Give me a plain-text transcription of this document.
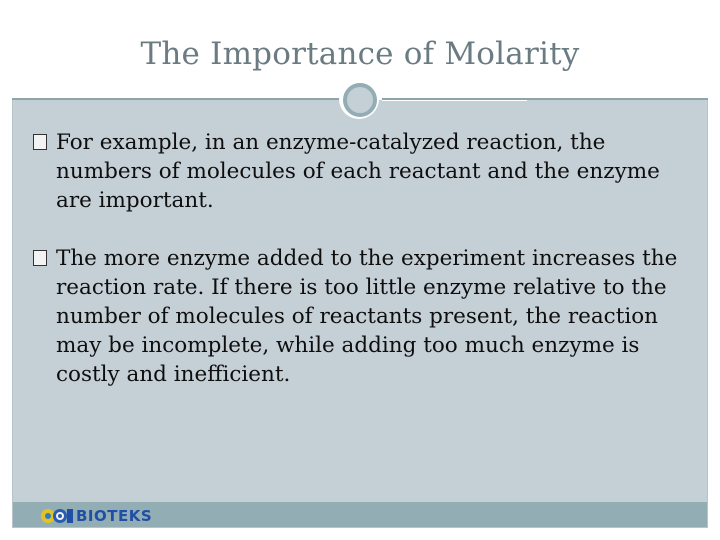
The Importance of Molarity
For example, in an enzyme-catalyzed reaction, the numbers of molecules of each reactant and the enzyme are important.
The more enzyme added to the experiment increases the reaction rate. If there is too little enzyme relative to the number of molecules of reactants present, the reaction may be incomplete, while adding too much enzyme is costly and inefficient.
BIOTEKS
